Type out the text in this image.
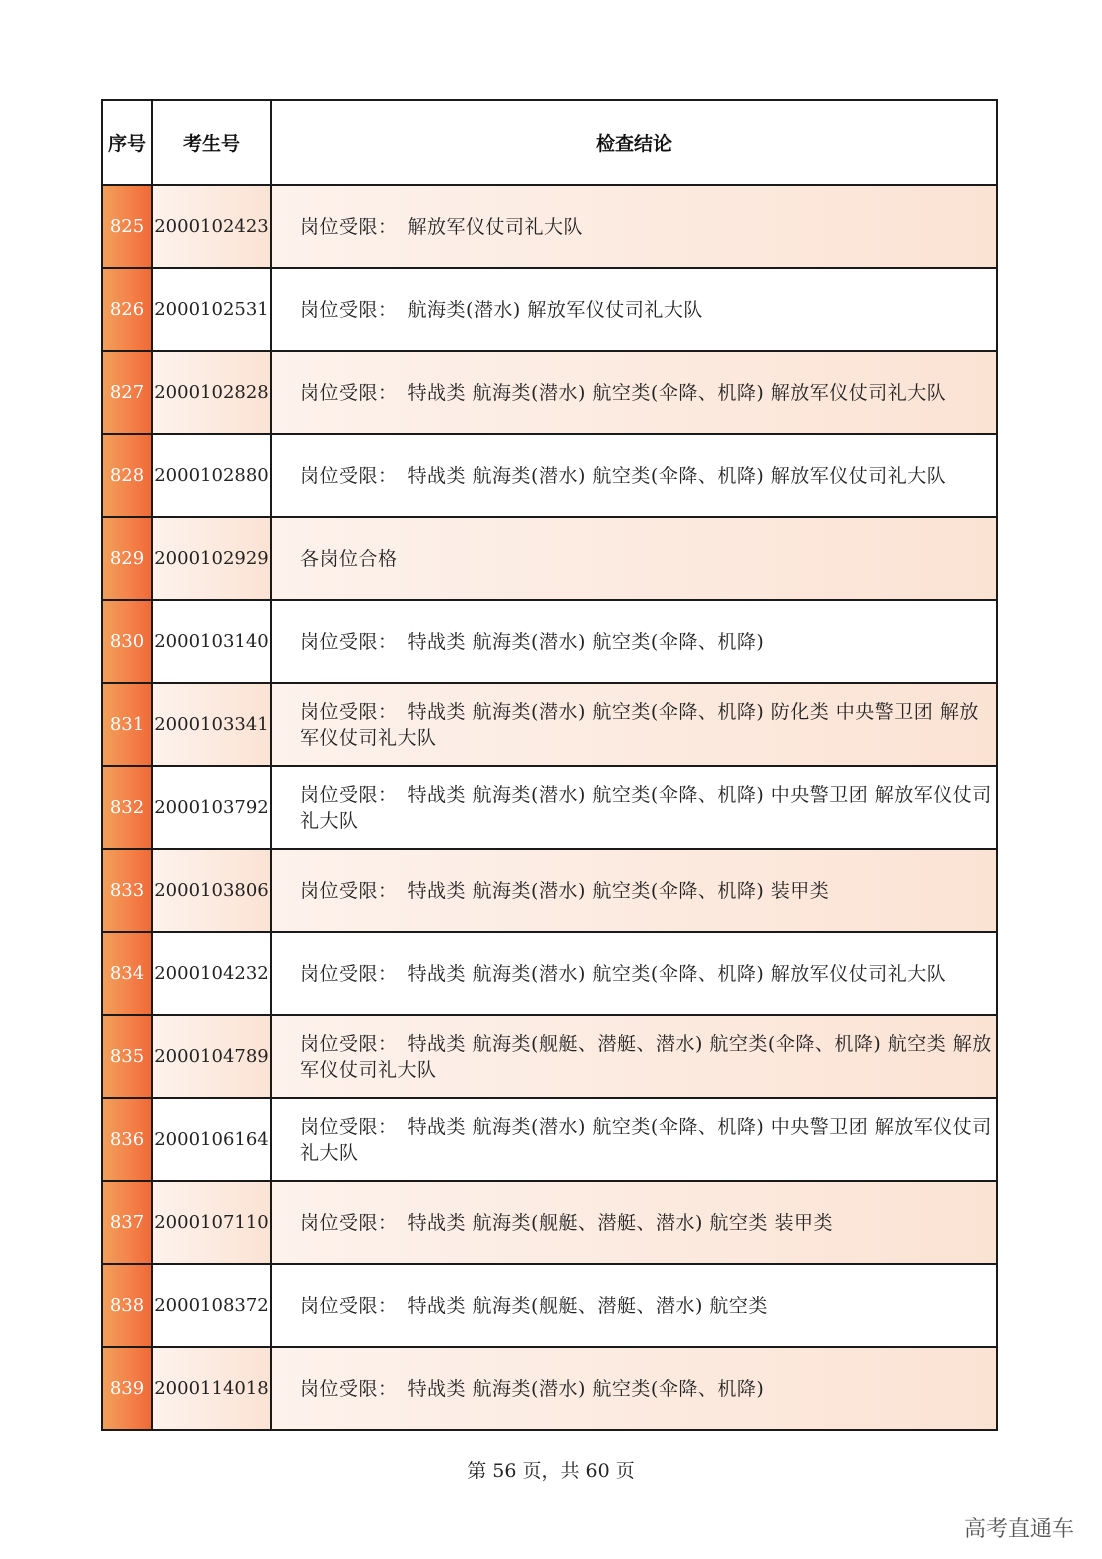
序号	考生号	检查结论
825	2000102423	岗位受限：　解放军仪仗司礼大队
826	2000102531	岗位受限：　航海类(潜水) 解放军仪仗司礼大队
827	2000102828	岗位受限：　特战类 航海类(潜水) 航空类(伞降、机降) 解放军仪仗司礼大队
828	2000102880	岗位受限：　特战类 航海类(潜水) 航空类(伞降、机降) 解放军仪仗司礼大队
829	2000102929	各岗位合格
830	2000103140	岗位受限：　特战类 航海类(潜水) 航空类(伞降、机降)
831	2000103341	岗位受限：　特战类 航海类(潜水) 航空类(伞降、机降) 防化类 中央警卫团 解放军仪仗司礼大队
832	2000103792	岗位受限：　特战类 航海类(潜水) 航空类(伞降、机降) 中央警卫团 解放军仪仗司礼大队
833	2000103806	岗位受限：　特战类 航海类(潜水) 航空类(伞降、机降) 装甲类
834	2000104232	岗位受限：　特战类 航海类(潜水) 航空类(伞降、机降) 解放军仪仗司礼大队
835	2000104789	岗位受限：　特战类 航海类(舰艇、潜艇、潜水) 航空类(伞降、机降) 航空类 解放军仪仗司礼大队
836	2000106164	岗位受限：　特战类 航海类(潜水) 航空类(伞降、机降) 中央警卫团 解放军仪仗司礼大队
837	2000107110	岗位受限：　特战类 航海类(舰艇、潜艇、潜水) 航空类 装甲类
838	2000108372	岗位受限：　特战类 航海类(舰艇、潜艇、潜水) 航空类
839	2000114018	岗位受限：　特战类 航海类(潜水) 航空类(伞降、机降)
第 56 页，共 60 页
高考直通车
